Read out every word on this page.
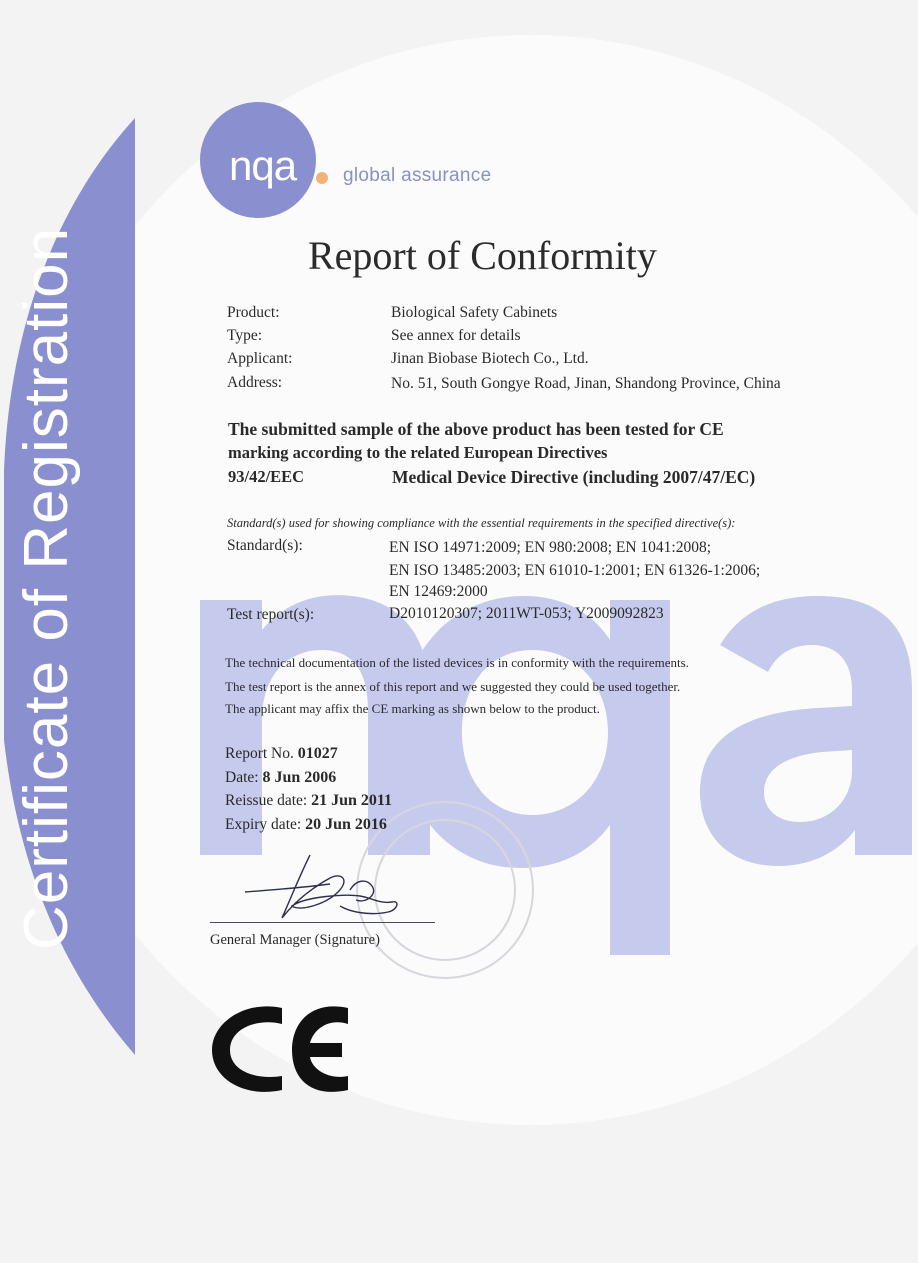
Certificate of Registration
nqa global assurance
Report of Conformity
Product:	Biological Safety Cabinets
Type:	See annex for details
Applicant:	Jinan Biobase Biotech Co., Ltd.
Address:	No. 51, South Gongye Road, Jinan, Shandong Province, China
The submitted sample of the above product has been tested for CE
marking according to the related European Directives
93/42/EEC	Medical Device Directive (including 2007/47/EC)
Standard(s) used for showing compliance with the essential requirements in the specified directive(s):
Standard(s):	EN ISO 14971:2009; EN 980:2008; EN 1041:2008;
EN ISO 13485:2003; EN 61010-1:2001; EN 61326-1:2006;
EN 12469:2000
Test report(s):	D2010120307; 2011WT-053; Y2009092823
The technical documentation of the listed devices is in conformity with the requirements.
The test report is the annex of this report and we suggested they could be used together.
The applicant may affix the CE marking as shown below to the product.
Report No. 01027
Date: 8 Jun 2006
Reissue date: 21 Jun 2011
Expiry date: 20 Jun 2016
General Manager (Signature)
